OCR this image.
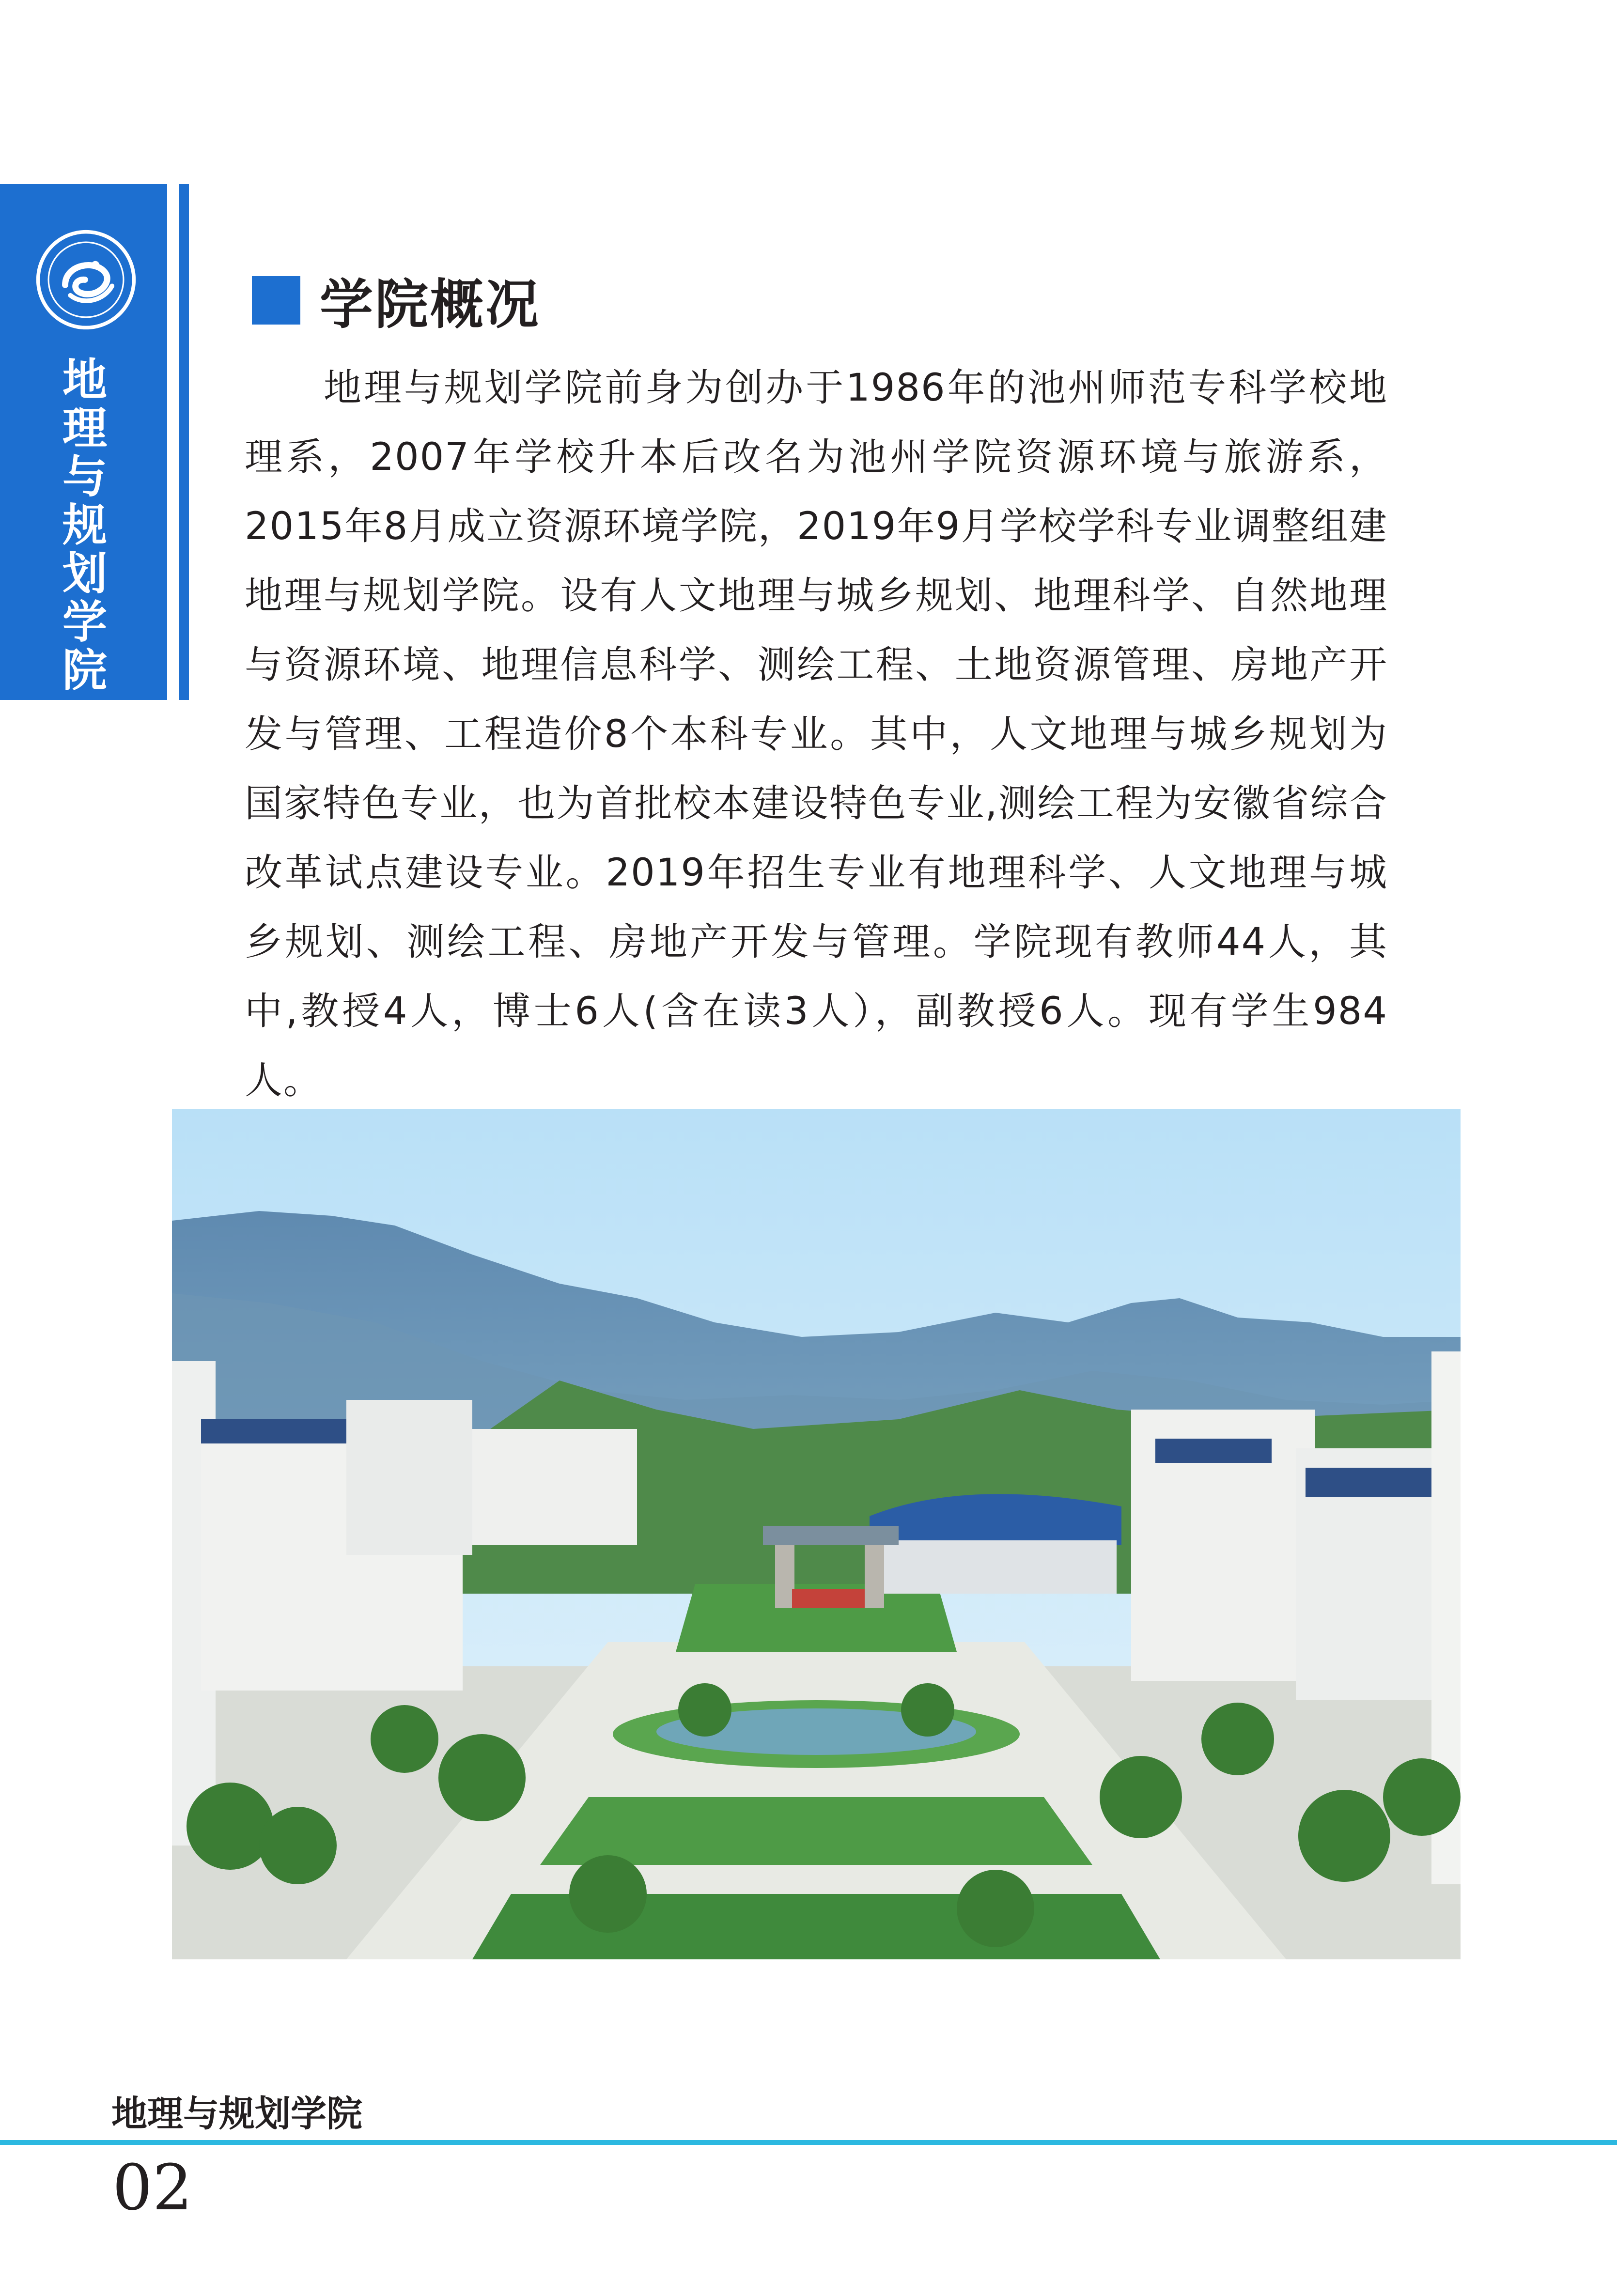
地
理
与
规
划
学
院
学院概况
地理与规划学院前身为创办于1986年的池州师范专科学校地理系，2007年学校升本后改名为池州学院资源环境与旅游系，2015年8月成立资源环境学院，2019年9月学校学科专业调整组建地理与规划学院。设有人文地理与城乡规划、地理科学、自然地理与资源环境、地理信息科学、测绘工程、土地资源管理、房地产开发与管理、工程造价8个本科专业。其中，人文地理与城乡规划为国家特色专业，也为首批校本建设特色专业,测绘工程为安徽省综合改革试点建设专业。2019年招生专业有地理科学、人文地理与城乡规划、测绘工程、房地产开发与管理。学院现有教师44人，其中,教授4人，博士6人(含在读3人），副教授6人。现有学生984人。
地理与规划学院
02
